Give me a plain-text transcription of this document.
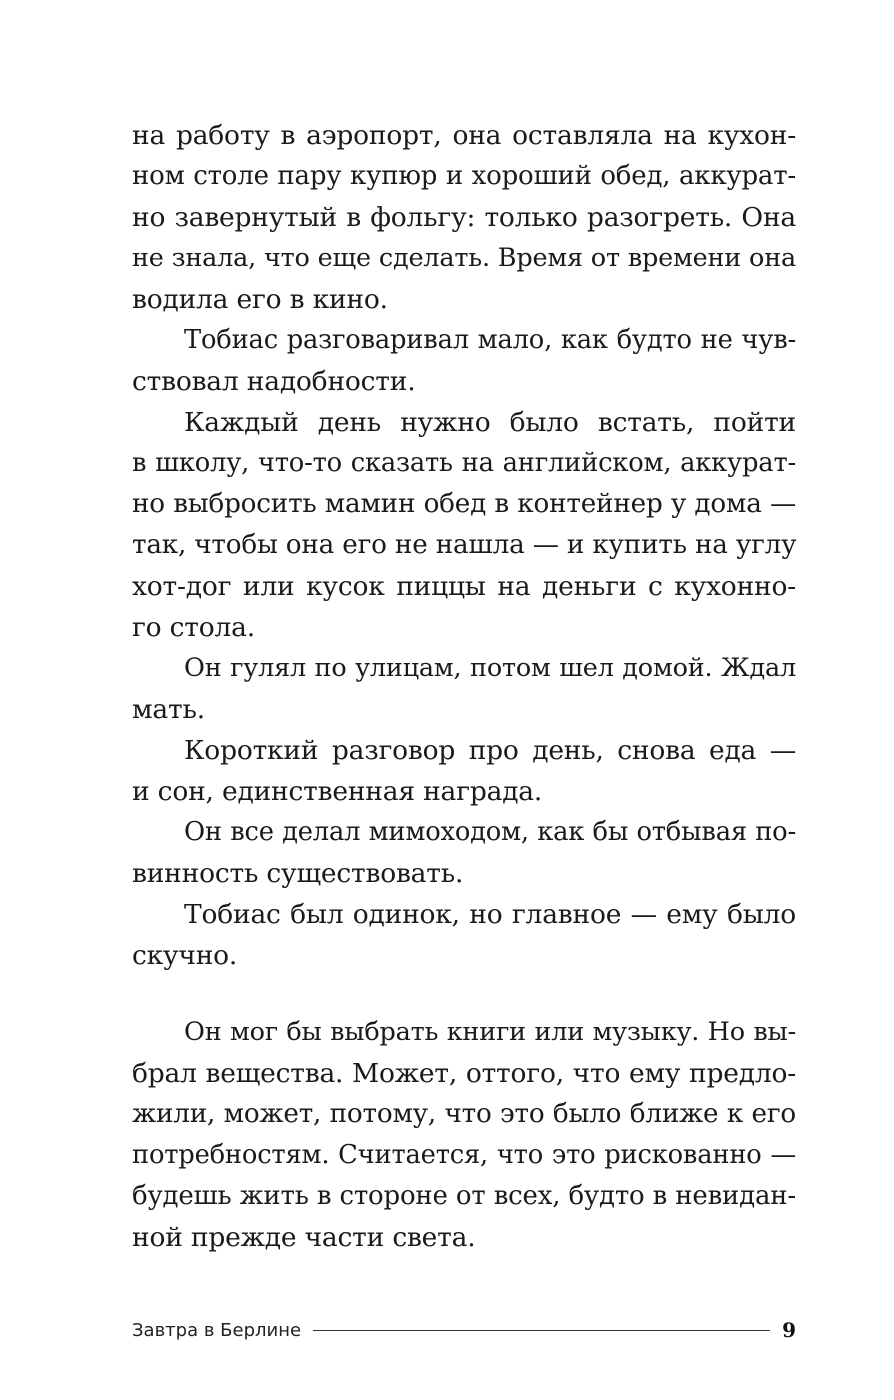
на работу в аэропорт, она оставляла на кухон-
ном столе пару купюр и хороший обед, аккурат-
но завернутый в фольгу: только разогреть. Она
не знала, что еще сделать. Время от времени она
водила его в кино.
Тобиас разговаривал мало, как будто не чув-
ствовал надобности.
Каждый день нужно было встать, пойти
в школу, что-то сказать на английском, аккурат-
но выбросить мамин обед в контейнер у дома —
так, чтобы она его не нашла — и купить на углу
хот-дог или кусок пиццы на деньги с кухонно-
го стола.
Он гулял по улицам, потом шел домой. Ждал
мать.
Короткий разговор про день, снова еда —
и сон, единственная награда.
Он все делал мимоходом, как бы отбывая по-
винность существовать.
Тобиас был одинок, но главное — ему было
скучно.
Он мог бы выбрать книги или музыку. Но вы-
брал вещества. Может, оттого, что ему предло-
жили, может, потому, что это было ближе к его
потребностям. Считается, что это рискованно —
будешь жить в стороне от всех, будто в невидан-
ной прежде части света.
Завтра в Берлине	9
